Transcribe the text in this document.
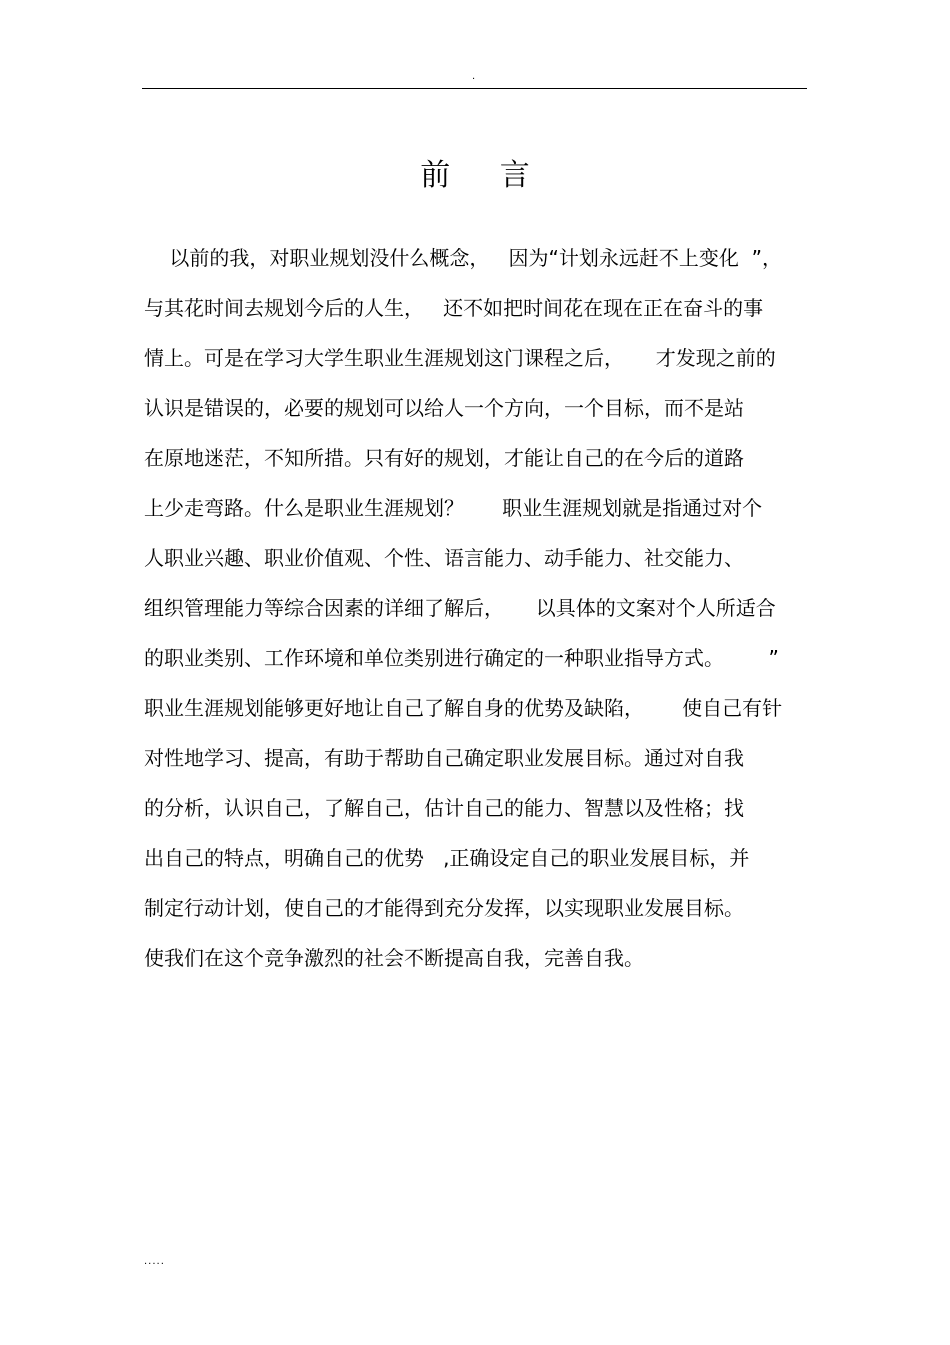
.
前 言
以前的我，对职业规划没什么概念，   因为“计划永远赶不上变化  ”，
与其花时间去规划今后的人生，   还不如把时间花在现在正在奋斗的事
情上。可是在学习大学生职业生涯规划这门课程之后，     才发现之前的
认识是错误的，必要的规划可以给人一个方向，一个目标，而不是站
在原地迷茫，不知所措。只有好的规划，才能让自己的在今后的道路
上少走弯路。什么是职业生涯规划？      职业生涯规划就是指通过对个
人职业兴趣、职业价值观、个性、语言能力、动手能力、社交能力、
组织管理能力等综合因素的详细了解后，     以具体的文案对个人所适合
的职业类别、工作环境和单位类别进行确定的一种职业指导方式。       ”
职业生涯规划能够更好地让自己了解自身的优势及缺陷，      使自己有针
对性地学习、提高，有助于帮助自己确定职业发展目标。通过对自我
的分析，认识自己，了解自己，估计自己的能力、智慧以及性格；找
出自己的特点，明确自己的优势   ,正确设定自己的职业发展目标，并
制定行动计划，使自己的才能得到充分发挥，以实现职业发展目标。
使我们在这个竞争激烈的社会不断提高自我，完善自我。
.....
